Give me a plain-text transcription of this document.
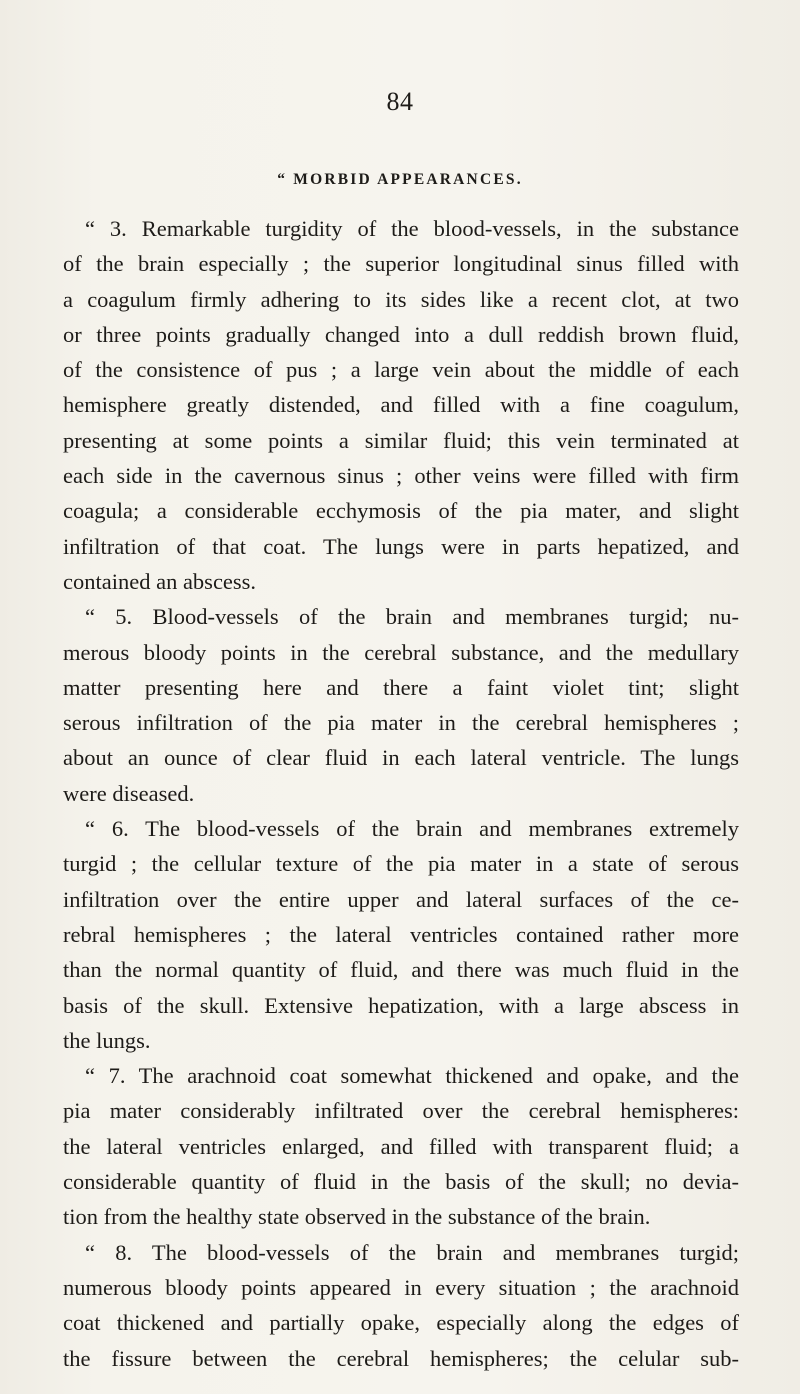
84
“ MORBID APPEARANCES.
“ 3. Remarkable turgidity of the blood-vessels, in the substance
of the brain especially ; the superior longitudinal sinus filled with
a coagulum firmly adhering to its sides like a recent clot, at two
or three points gradually changed into a dull reddish brown fluid,
of the consistence of pus ; a large vein about the middle of each
hemisphere greatly distended, and filled with a fine coagulum,
presenting at some points a similar fluid; this vein terminated at
each side in the cavernous sinus ; other veins were filled with firm
coagula; a considerable ecchymosis of the pia mater, and slight
infiltration of that coat. The lungs were in parts hepatized, and
contained an abscess.
“ 5. Blood-vessels of the brain and membranes turgid; nu-
merous bloody points in the cerebral substance, and the medullary
matter presenting here and there a faint violet tint; slight
serous infiltration of the pia mater in the cerebral hemispheres ;
about an ounce of clear fluid in each lateral ventricle. The lungs
were diseased.
“ 6. The blood-vessels of the brain and membranes extremely
turgid ; the cellular texture of the pia mater in a state of serous
infiltration over the entire upper and lateral surfaces of the ce-
rebral hemispheres ; the lateral ventricles contained rather more
than the normal quantity of fluid, and there was much fluid in the
basis of the skull. Extensive hepatization, with a large abscess in
the lungs.
“ 7. The arachnoid coat somewhat thickened and opake, and the
pia mater considerably infiltrated over the cerebral hemispheres:
the lateral ventricles enlarged, and filled with transparent fluid; a
considerable quantity of fluid in the basis of the skull; no devia-
tion from the healthy state observed in the substance of the brain.
“ 8. The blood-vessels of the brain and membranes turgid;
numerous bloody points appeared in every situation ; the arachnoid
coat thickened and partially opake, especially along the edges of
the fissure between the cerebral hemispheres; the celular sub-
